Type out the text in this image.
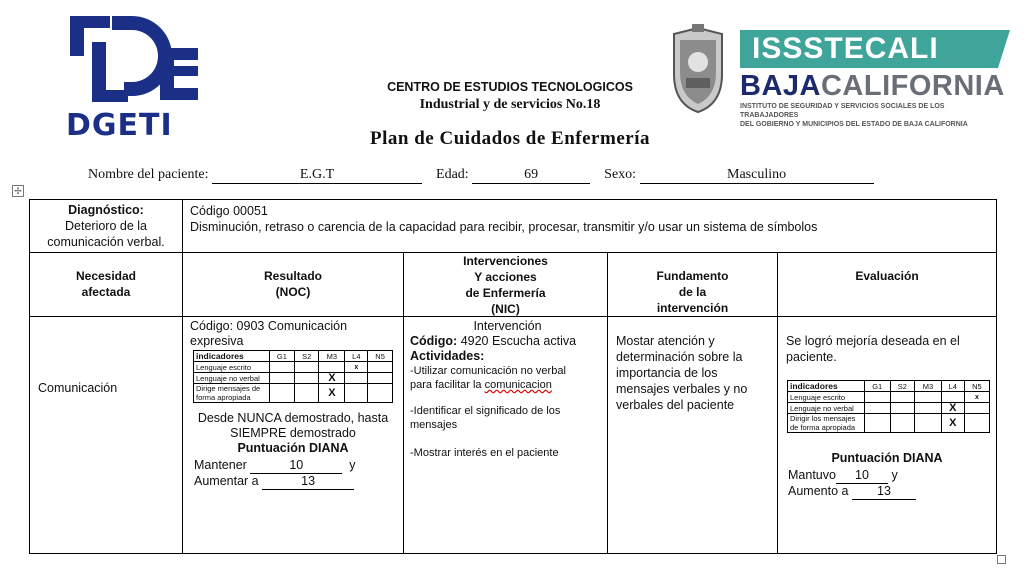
DGETI
CENTRO DE ESTUDIOS TECNOLOGICOS
Industrial y de servicios No.18
Plan de Cuidados de Enfermería
ISSSTECALI
BAJACALIFORNIA
INSTITUTO DE SEGURIDAD Y SERVICIOS SOCIALES DE LOS TRABAJADORES
DEL GOBIERNO Y MUNICIPIOS DEL ESTADO DE BAJA CALIFORNIA
Nombre del paciente:	E.G.T	Edad:	69	Sexo:	Masculino
✢
Diagnóstico:
Deterioro de la
comunicación verbal.
Código 00051
Disminución, retraso o carencia de la capacidad para recibir, procesar, transmitir y/o usar un sistema de símbolos
Necesidad
afectada
Resultado
(NOC)
Intervenciones
Y acciones
de Enfermería
(NIC)
Fundamento
de la
intervención
Evaluación
Comunicación
Código: 0903 Comunicación
expresiva
indicadores	G1	S2	M3	L4	N5
Lenguaje escrito				x	
Lenguaje no verbal			X		
Dirige mensajes de forma apropiada			X		
Desde NUNCA demostrado, hasta
SIEMPRE demostrado
Puntuación DIANA
Mantener	10	y
Aumentar a	13
Intervención
Código: 4920 Escucha activa
Actividades:
-Utilizar comunicación no verbal
para facilitar la comunicacion
-Identificar el significado de los
mensajes
-Mostrar interés en el paciente
Mostar atención y
determinación sobre la
importancia de los
mensajes verbales y no
verbales del paciente
Se logró mejoría deseada en el
paciente.
indicadores	G1	S2	M3	L4	N5
Lenguaje escrito					x
Lenguaje no verbal				X	
Dirigir los mensajes de forma apropiada				X	
Puntuación DIANA
Mantuvo 10 y
Aumento a 13
